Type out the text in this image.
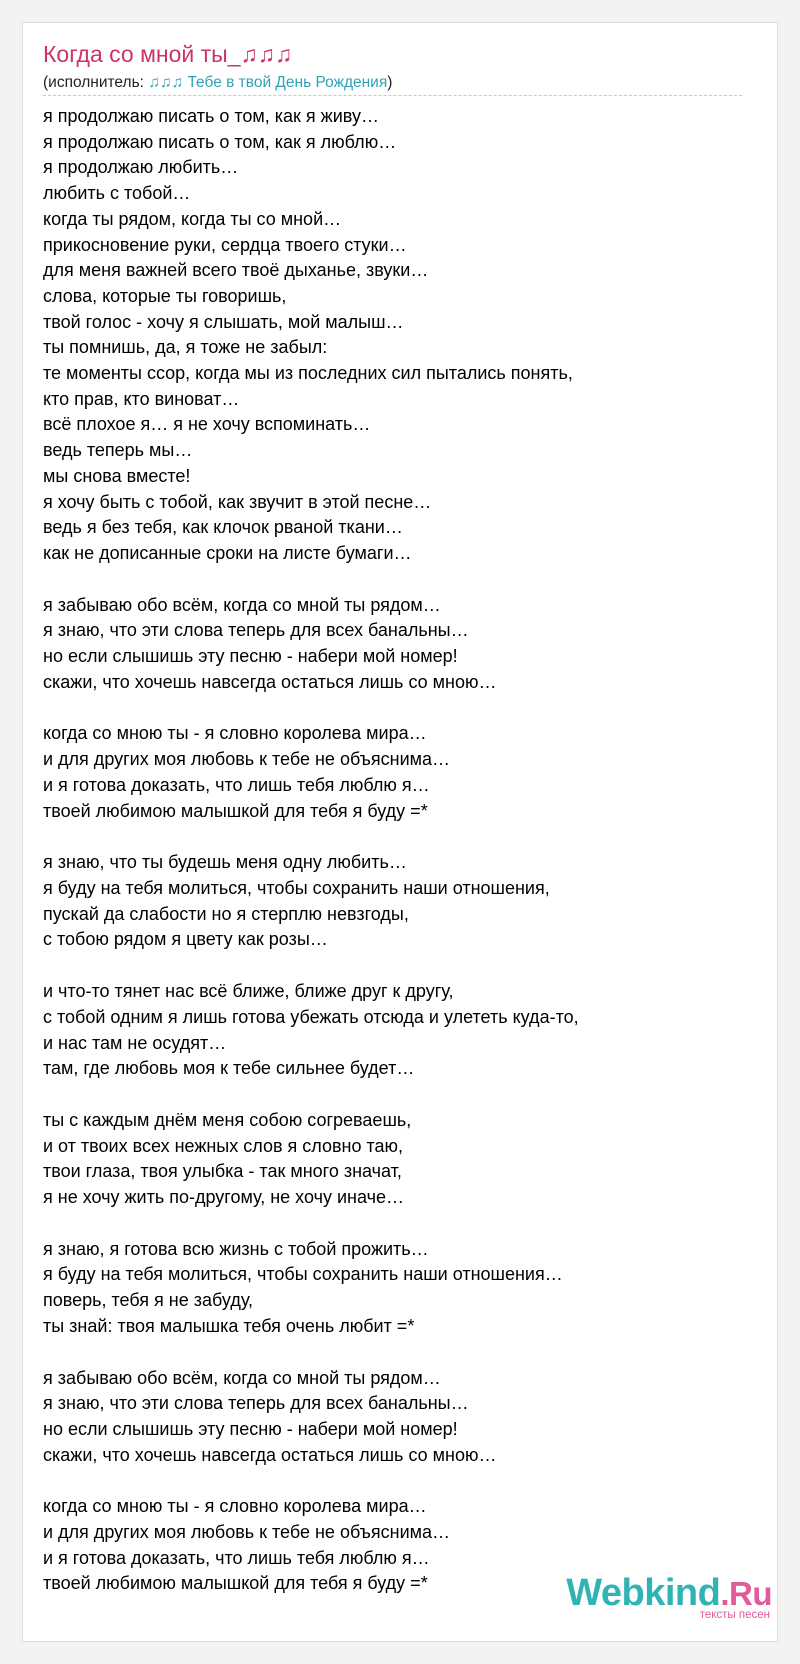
Когда со мной ты_♫♫♫
(исполнитель: ♫♫♫ Тебе в твой День Рождения)
я продолжаю писать о том, как я живу…
я продолжаю писать о том, как я люблю…
я продолжаю любить…
любить с тобой…
когда ты рядом, когда ты со мной…
прикосновение руки, сердца твоего стуки…
для меня важней всего твоё дыханье, звуки…
слова, которые ты говоришь,
твой голос - хочу я слышать, мой малыш…
ты помнишь, да, я тоже не забыл:
те моменты ссор, когда мы из последних сил пытались понять,
кто прав, кто виноват…
всё плохое я… я не хочу вспоминать…
ведь теперь мы…
мы снова вместе!
я хочу быть с тобой, как звучит в этой песне…
ведь я без тебя, как клочок рваной ткани…
как не дописанные сроки на листе бумаги…
я забываю обо всём, когда со мной ты рядом…
я знаю, что эти слова теперь для всех банальны…
но если слышишь эту песню - набери мой номер!
скажи, что хочешь навсегда остаться лишь со мною…
когда со мною ты - я словно королева мира…
и для других моя любовь к тебе не объяснима…
и я готова доказать, что лишь тебя люблю я…
твоей любимою малышкой для тебя я буду =*
я знаю, что ты будешь меня одну любить…
я буду на тебя молиться, чтобы сохранить наши отношения,
пускай да слабости но я стерплю невзгоды,
с тобою рядом я цвету как розы…
и что-то тянет нас всё ближе, ближе друг к другу,
с тобой одним я лишь готова убежать отсюда и улететь куда-то,
и нас там не осудят…
там, где любовь моя к тебе сильнее будет…
ты с каждым днём меня собою согреваешь,
и от твоих всех нежных слов я словно таю,
твои глаза, твоя улыбка - так много значат,
я не хочу жить по-другому, не хочу иначе…
я знаю, я готова всю жизнь с тобой прожить…
я буду на тебя молиться, чтобы сохранить наши отношения…
поверь, тебя я не забуду,
ты знай: твоя малышка тебя очень любит =*
я забываю обо всём, когда со мной ты рядом…
я знаю, что эти слова теперь для всех банальны…
но если слышишь эту песню - набери мой номер!
скажи, что хочешь навсегда остаться лишь со мною…
когда со мною ты - я словно королева мира…
и для других моя любовь к тебе не объяснима…
и я готова доказать, что лишь тебя люблю я…
твоей любимою малышкой для тебя я буду =*	Webkind.Ru
тексты песен
